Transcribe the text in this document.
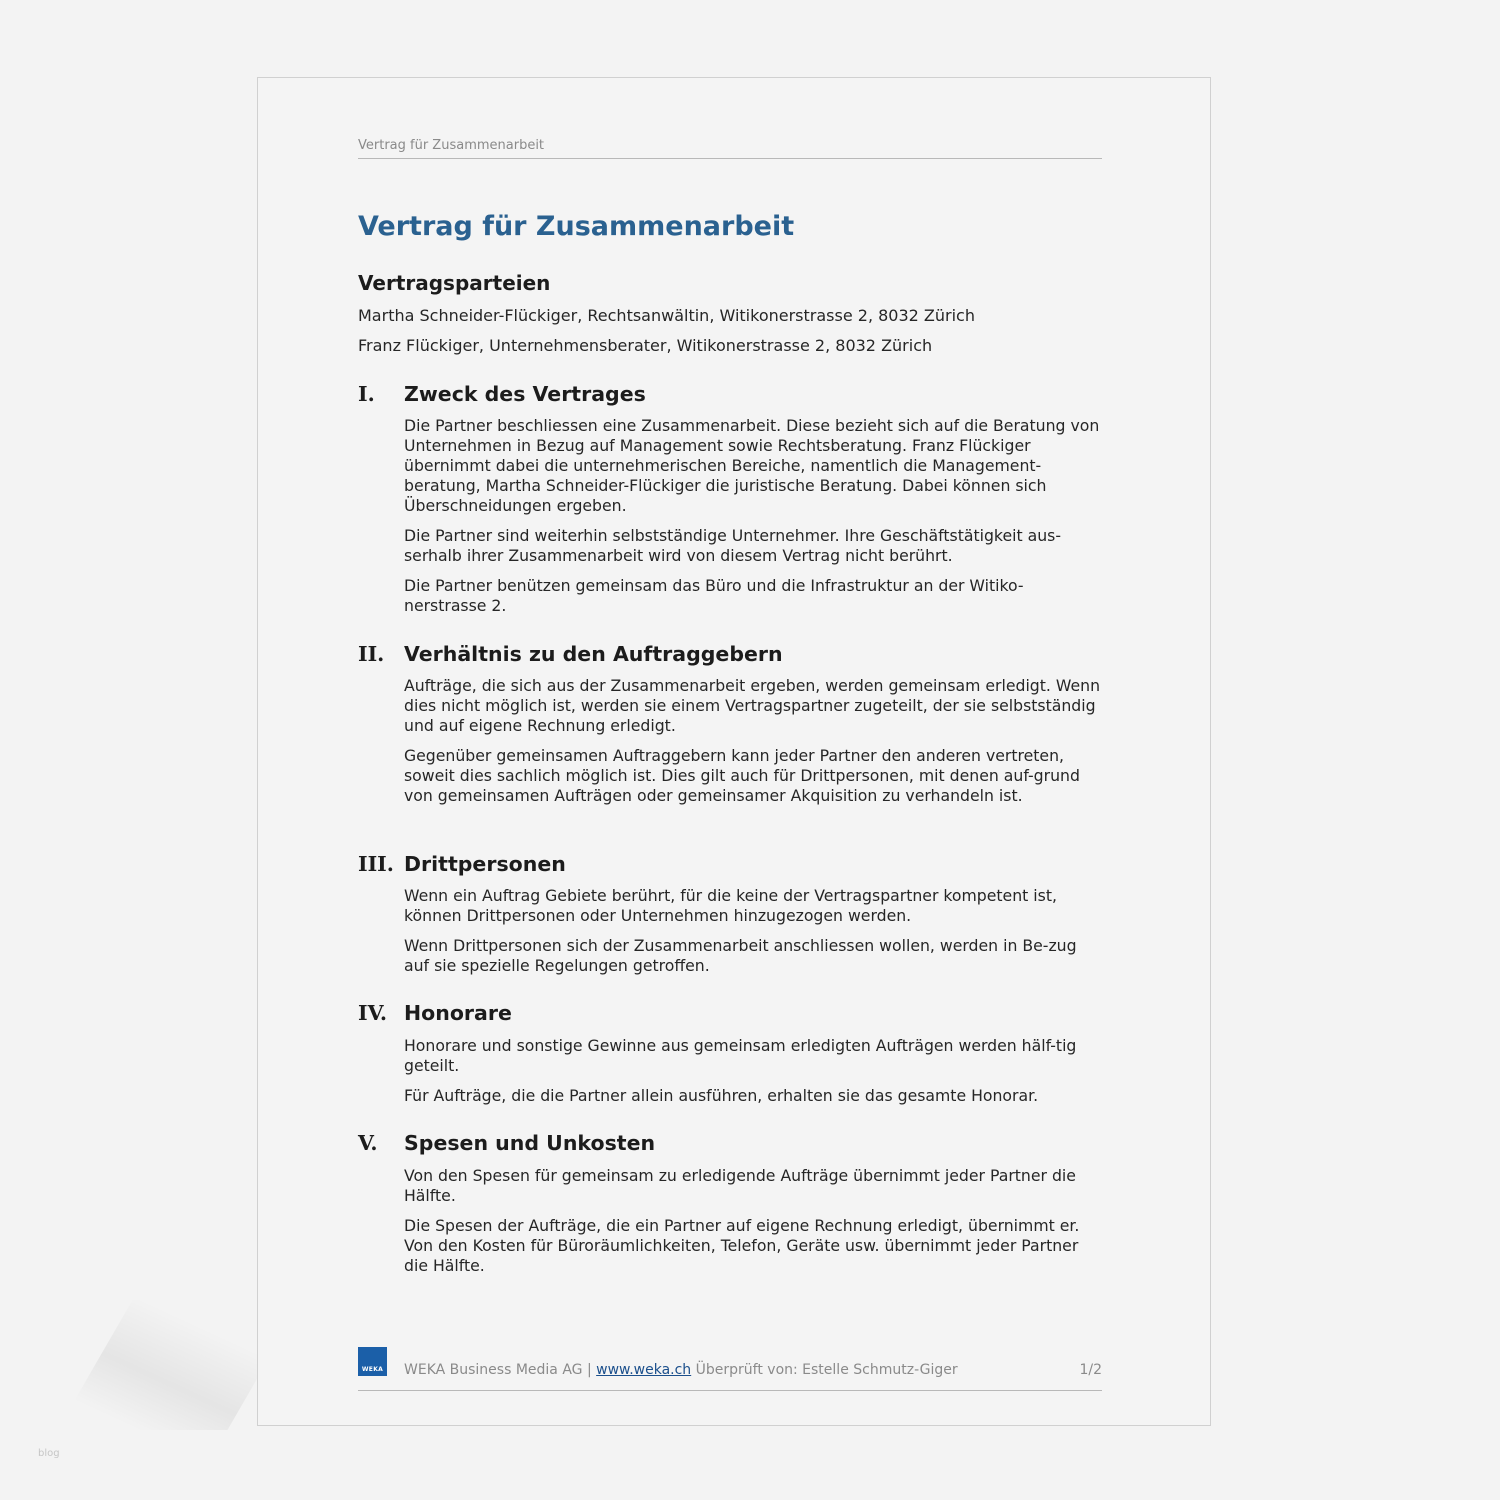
Vertrag für Zusammenarbeit
Vertrag für Zusammenarbeit
Vertragsparteien
Martha Schneider-Flückiger, Rechtsanwältin, Witikonerstrasse 2, 8032 Zürich
Franz Flückiger, Unternehmensberater, Witikonerstrasse 2, 8032 Zürich
I.	Zweck des Vertrages

Die Partner beschliessen eine Zusammenarbeit. Diese bezieht sich auf die Beratung von Unternehmen in Bezug auf Management sowie Rechtsberatung. Franz Flückiger übernimmt dabei die unternehmerischen Bereiche, namentlich die Management-beratung, Martha Schneider-Flückiger die juristische Beratung. Dabei können sich Überschneidungen ergeben.

Die Partner sind weiterhin selbstständige Unternehmer. Ihre Geschäftstätigkeit aus-serhalb ihrer Zusammenarbeit wird von diesem Vertrag nicht berührt.

Die Partner benützen gemeinsam das Büro und die Infrastruktur an der Witiko-nerstrasse 2.

II. Verhältnis zu den Auftraggebern

Aufträge, die sich aus der Zusammenarbeit ergeben, werden gemeinsam erledigt. Wenn dies nicht möglich ist, werden sie einem Vertragspartner zugeteilt, der sie selbstständig und auf eigene Rechnung erledigt.

Gegenüber gemeinsamen Auftraggebern kann jeder Partner den anderen vertreten, soweit dies sachlich möglich ist. Dies gilt auch für Drittpersonen, mit denen auf-grund von gemeinsamen Aufträgen oder gemeinsamer Akquisition zu verhandeln ist.

III. Drittpersonen

Wenn ein Auftrag Gebiete berührt, für die keine der Vertragspartner kompetent ist, können Drittpersonen oder Unternehmen hinzugezogen werden.

Wenn Drittpersonen sich der Zusammenarbeit anschliessen wollen, werden in Be-zug auf sie spezielle Regelungen getroffen.

IV. Honorare

Honorare und sonstige Gewinne aus gemeinsam erledigten Aufträgen werden hälf-tig geteilt.

Für Aufträge, die die Partner allein ausführen, erhalten sie das gesamte Honorar.

V.	Spesen und Unkosten

Von den Spesen für gemeinsam zu erledigende Aufträge übernimmt jeder Partner die Hälfte.

Die Spesen der Aufträge, die ein Partner auf eigene Rechnung erledigt, übernimmt er. Von den Kosten für Büroräumlichkeiten, Telefon, Geräte usw. übernimmt jeder Partner die Hälfte.

WEKA WEKA Business Media AG | www.weka.ch Überprüft von: Estelle Schmutz-Giger	1/2
blog
